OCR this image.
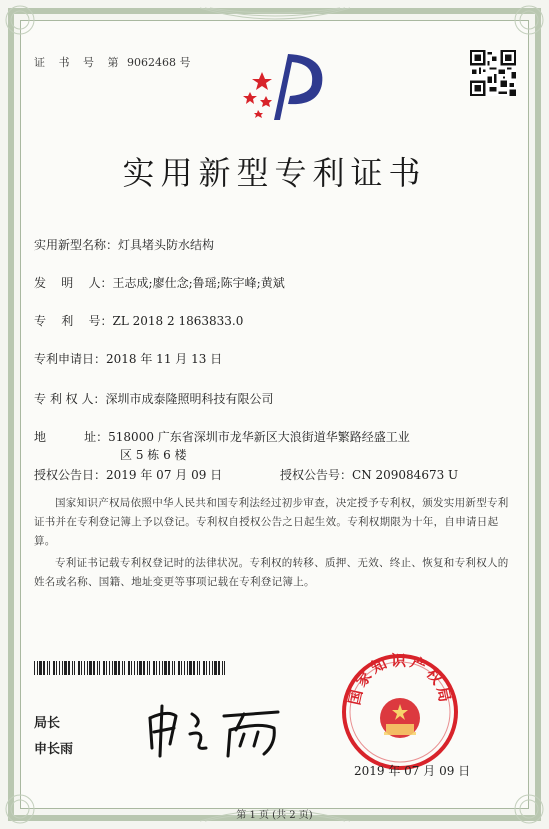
证 书 号 第 9062468 号
实用新型专利证书
实用新型名称：灯具堵头防水结构
发    明    人：王志成;廖仕念;鲁瑶;陈宇峰;黄斌
专    利    号：ZL 2018 2 1863833.0
专利申请日：2018 年 11 月 13 日
专 利 权 人：深圳市成泰隆照明科技有限公司
地          址：518000 广东省深圳市龙华新区大浪街道华繁路经盛工业
区 5 栋 6 楼
授权公告日：2019 年 07 月 09 日	授权公告号：CN 209084673 U
国家知识产权局依照中华人民共和国专利法经过初步审查，决定授予专利权，颁发实用新型专利证书并在专利登记簿上予以登记。专利权自授权公告之日起生效。专利权期限为十年，自申请日起算。
专利证书记载专利权登记时的法律状况。专利权的转移、质押、无效、终止、恢复和专利权人的姓名或名称、国籍、地址变更等事项记载在专利登记簿上。
局长
申长雨
国家知识产权局
2019 年 07 月 09 日
第 1 页 (共 2 页)
